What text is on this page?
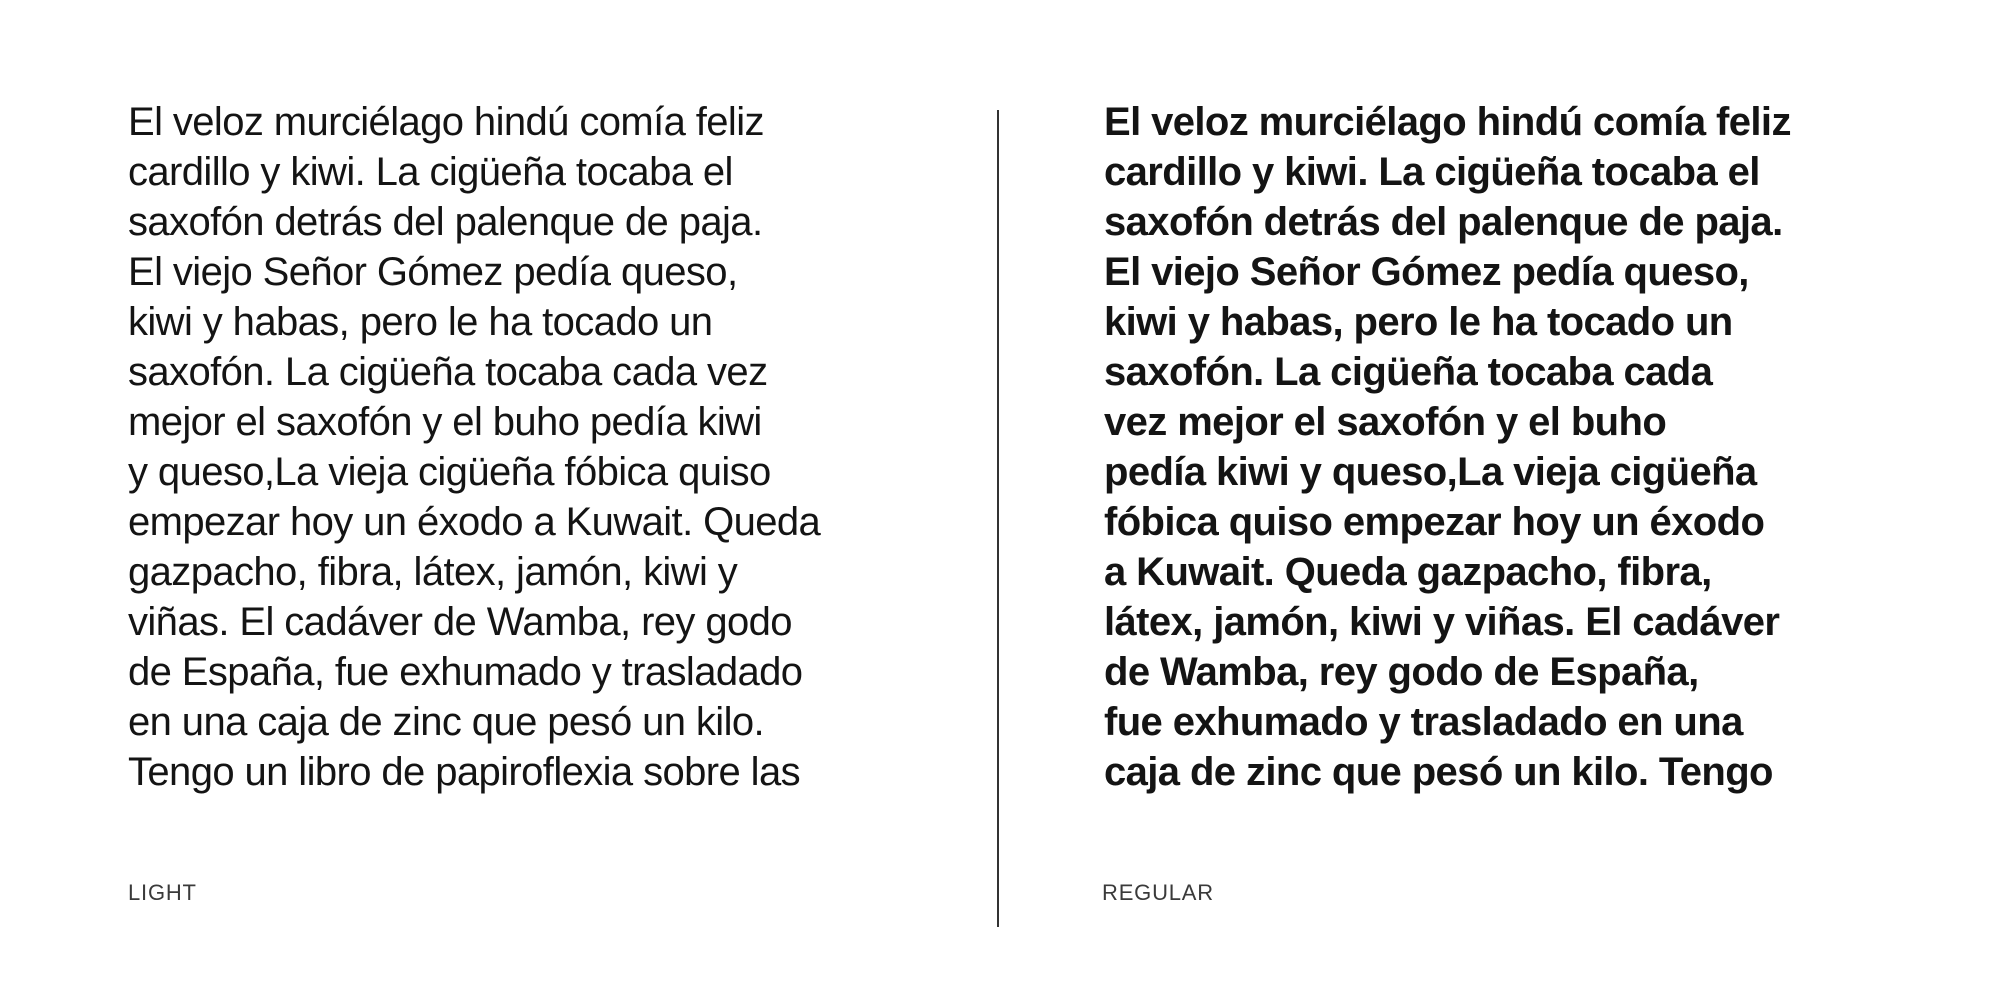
El veloz murciélago hindú comía feliz
cardillo y kiwi. La cigüeña tocaba el
saxofón detrás del palenque de paja.
El viejo Señor Gómez pedía queso,
kiwi y habas, pero le ha tocado un
saxofón. La cigüeña tocaba cada vez
mejor el saxofón y el buho pedía kiwi
y queso,La vieja cigüeña fóbica quiso
empezar hoy un éxodo a Kuwait. Queda
gazpacho, fibra, látex, jamón, kiwi y
viñas. El cadáver de Wamba, rey godo
de España, fue exhumado y trasladado
en una caja de zinc que pesó un kilo.
Tengo un libro de papiroflexia sobre las
LIGHT
El veloz murciélago hindú comía feliz
cardillo y kiwi. La cigüeña tocaba el
saxofón detrás del palenque de paja.
El viejo Señor Gómez pedía queso,
kiwi y habas, pero le ha tocado un
saxofón. La cigüeña tocaba cada
vez mejor el saxofón y el buho
pedía kiwi y queso,La vieja cigüeña
fóbica quiso empezar hoy un éxodo
a Kuwait. Queda gazpacho, fibra,
látex, jamón, kiwi y viñas. El cadáver
de Wamba, rey godo de España,
fue exhumado y trasladado en una
caja de zinc que pesó un kilo. Tengo
REGULAR
